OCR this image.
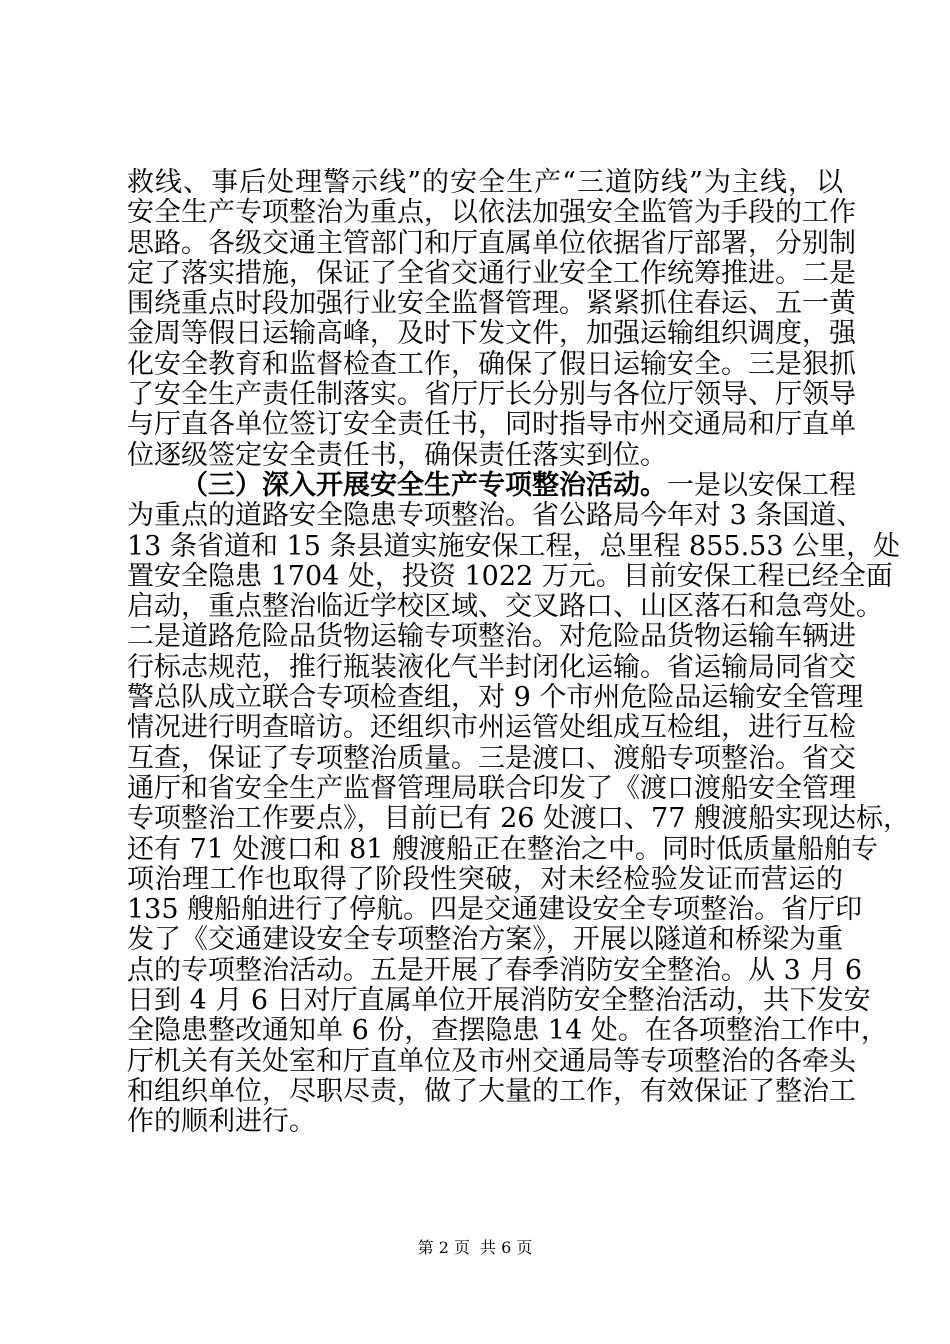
救线、事后处理警示线”的安全生产“三道防线”为主线，以
安全生产专项整治为重点，以依法加强安全监管为手段的工作
思路。各级交通主管部门和厅直属单位依据省厅部署，分别制
定了落实措施，保证了全省交通行业安全工作统筹推进。二是
围绕重点时段加强行业安全监督管理。紧紧抓住春运、五一黄
金周等假日运输高峰，及时下发文件，加强运输组织调度，强
化安全教育和监督检查工作，确保了假日运输安全。三是狠抓
了安全生产责任制落实。省厅厅长分别与各位厅领导、厅领导
与厅直各单位签订安全责任书，同时指导市州交通局和厅直单
位逐级签定安全责任书，确保责任落实到位。
（三）深入开展安全生产专项整治活动。一是以安保工程
为重点的道路安全隐患专项整治。省公路局今年对 3 条国道、
13 条省道和 15 条县道实施安保工程，总里程 855.53 公里，处
置安全隐患 1704 处，投资 1022 万元。目前安保工程已经全面
启动，重点整治临近学校区域、交叉路口、山区落石和急弯处。
二是道路危险品货物运输专项整治。对危险品货物运输车辆进
行标志规范，推行瓶装液化气半封闭化运输。省运输局同省交
警总队成立联合专项检查组，对 9 个市州危险品运输安全管理
情况进行明查暗访。还组织市州运管处组成互检组，进行互检
互查，保证了专项整治质量。三是渡口、渡船专项整治。省交
通厅和省安全生产监督管理局联合印发了《渡口渡船安全管理
专项整治工作要点》，目前已有 26 处渡口、77 艘渡船实现达标，
还有 71 处渡口和 81 艘渡船正在整治之中。同时低质量船舶专
项治理工作也取得了阶段性突破，对未经检验发证而营运的
135 艘船舶进行了停航。四是交通建设安全专项整治。省厅印
发了《交通建设安全专项整治方案》，开展以隧道和桥梁为重
点的专项整治活动。五是开展了春季消防安全整治。从 3 月 6
日到 4 月 6 日对厅直属单位开展消防安全整治活动，共下发安
全隐患整改通知单 6 份，查摆隐患 14 处。在各项整治工作中，
厅机关有关处室和厅直单位及市州交通局等专项整治的各牵头
和组织单位，尽职尽责，做了大量的工作，有效保证了整治工
作的顺利进行。
第 2 页 共 6 页
